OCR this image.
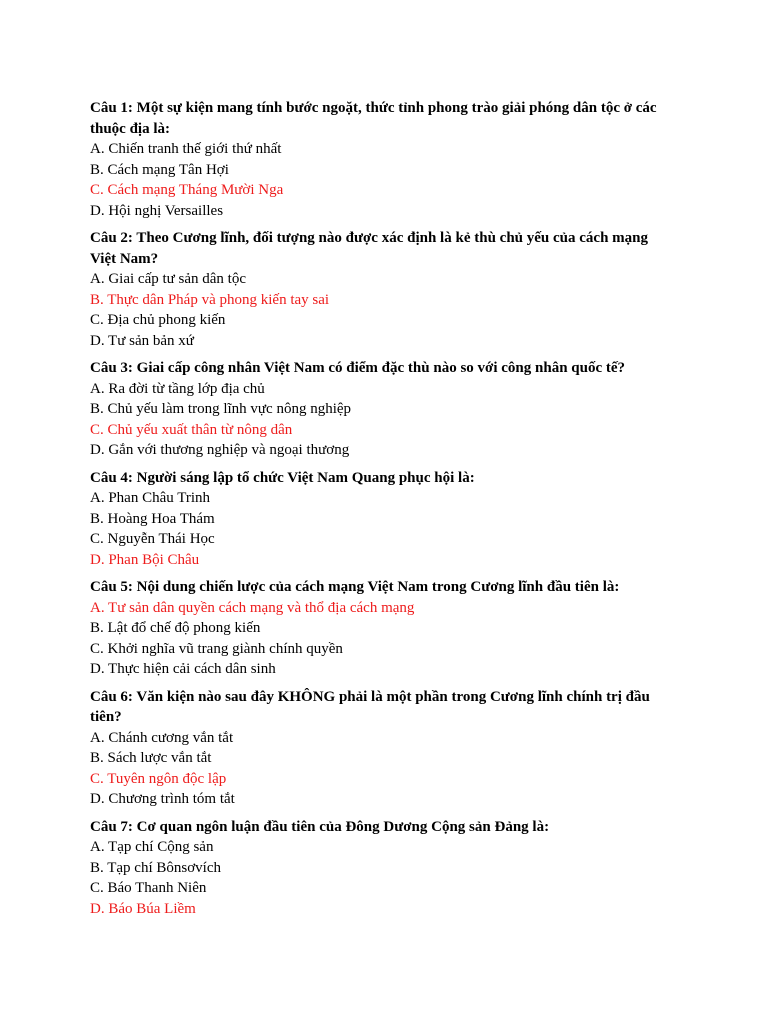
Câu 1: Một sự kiện mang tính bước ngoặt, thức tỉnh phong trào giải phóng dân tộc ở các thuộc địa là:

A. Chiến tranh thế giới thứ nhất
B. Cách mạng Tân Hợi
C. Cách mạng Tháng Mười Nga
D. Hội nghị Versailles

Câu 2: Theo Cương lĩnh, đối tượng nào được xác định là kẻ thù chủ yếu của cách mạng Việt Nam?

A. Giai cấp tư sản dân tộc
B. Thực dân Pháp và phong kiến tay sai
C. Địa chủ phong kiến
D. Tư sản bản xứ

Câu 3: Giai cấp công nhân Việt Nam có điểm đặc thù nào so với công nhân quốc tế?

A. Ra đời từ tầng lớp địa chủ
B. Chủ yếu làm trong lĩnh vực nông nghiệp
C. Chủ yếu xuất thân từ nông dân
D. Gắn với thương nghiệp và ngoại thương

Câu 4: Người sáng lập tổ chức Việt Nam Quang phục hội là:

A. Phan Châu Trinh
B. Hoàng Hoa Thám
C. Nguyễn Thái Học
D. Phan Bội Châu

Câu 5: Nội dung chiến lược của cách mạng Việt Nam trong Cương lĩnh đầu tiên là:

A. Tư sản dân quyền cách mạng và thổ địa cách mạng
B. Lật đổ chế độ phong kiến
C. Khởi nghĩa vũ trang giành chính quyền
D. Thực hiện cải cách dân sinh

Câu 6: Văn kiện nào sau đây KHÔNG phải là một phần trong Cương lĩnh chính trị đầu tiên?

A. Chánh cương vắn tắt
B. Sách lược vắn tắt
C. Tuyên ngôn độc lập
D. Chương trình tóm tắt

Câu 7: Cơ quan ngôn luận đầu tiên của Đông Dương Cộng sản Đảng là:

A. Tạp chí Cộng sản
B. Tạp chí Bônsơvích
C. Báo Thanh Niên
D. Báo Búa Liềm
